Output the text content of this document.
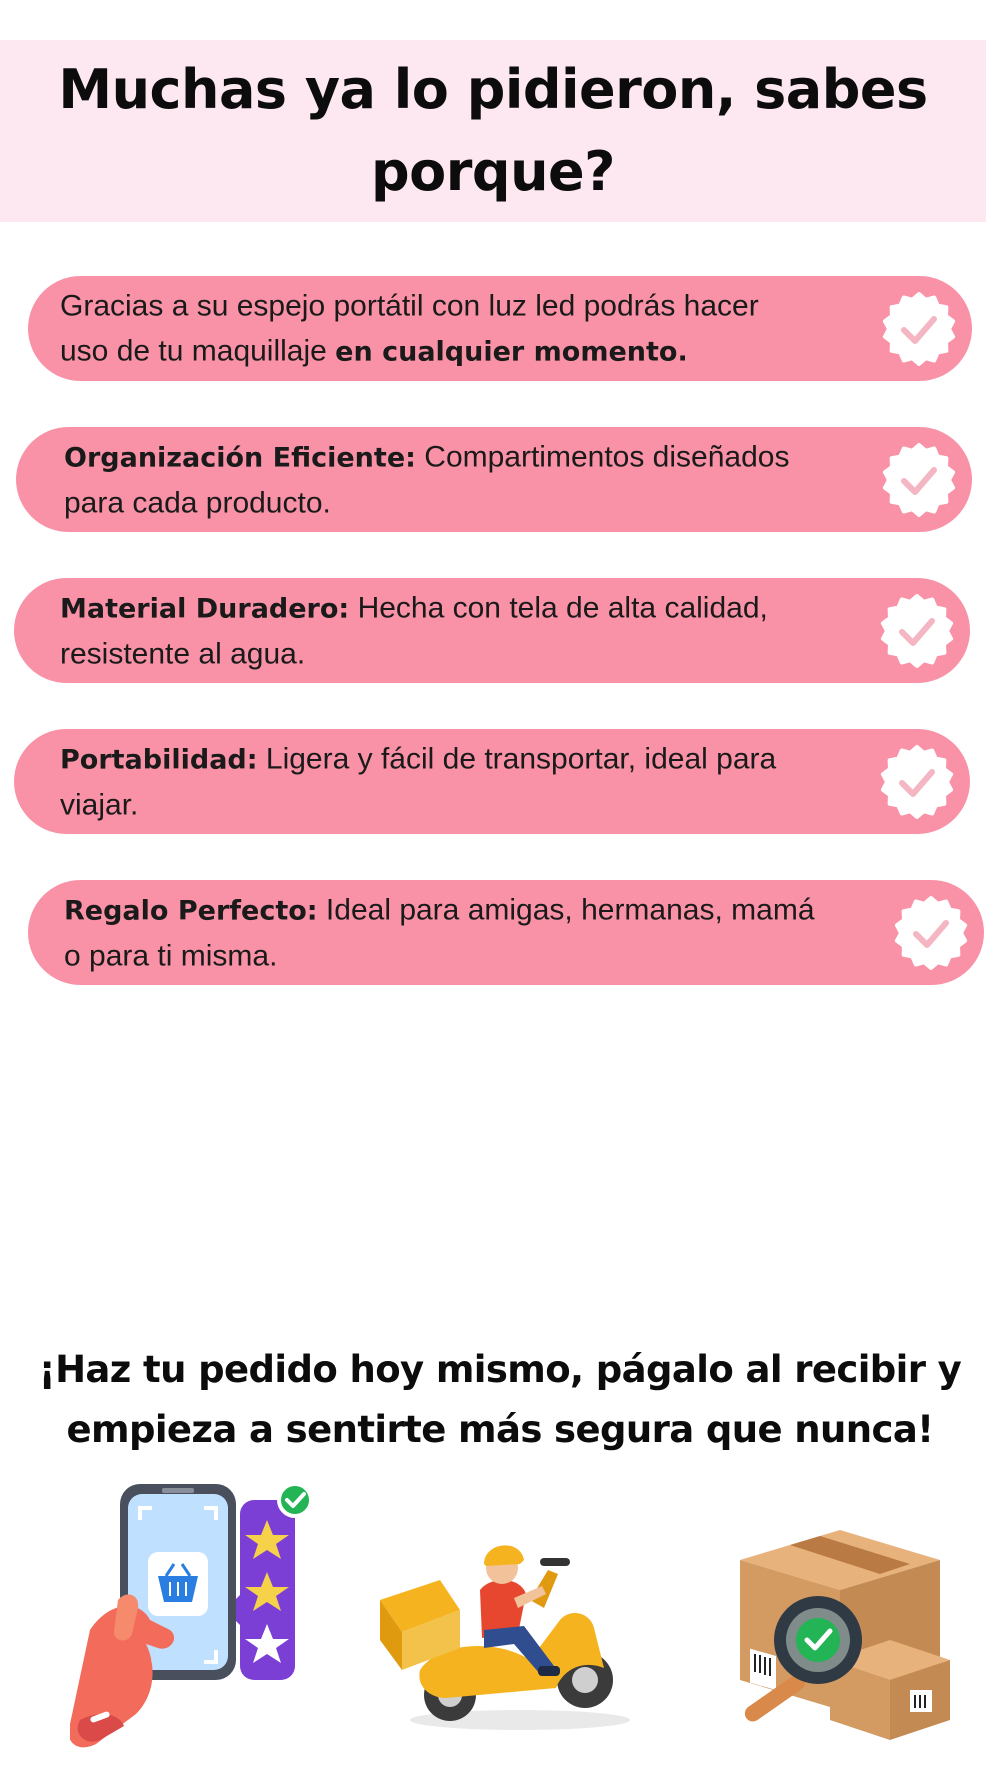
Muchas ya lo pidieron, sabes porque?
Gracias a su espejo portátil con luz led podrás hacer
uso de tu maquillaje en cualquier momento.
Organización Eficiente: Compartimentos diseñados
para cada producto.
Material Duradero: Hecha con tela de alta calidad,
resistente al agua.
Portabilidad: Ligera y fácil de transportar, ideal para
viajar.
Regalo Perfecto: Ideal para amigas, hermanas, mamá
o para ti misma.
¡Haz tu pedido hoy mismo, págalo al recibir y
empieza a sentirte más segura que nunca!
